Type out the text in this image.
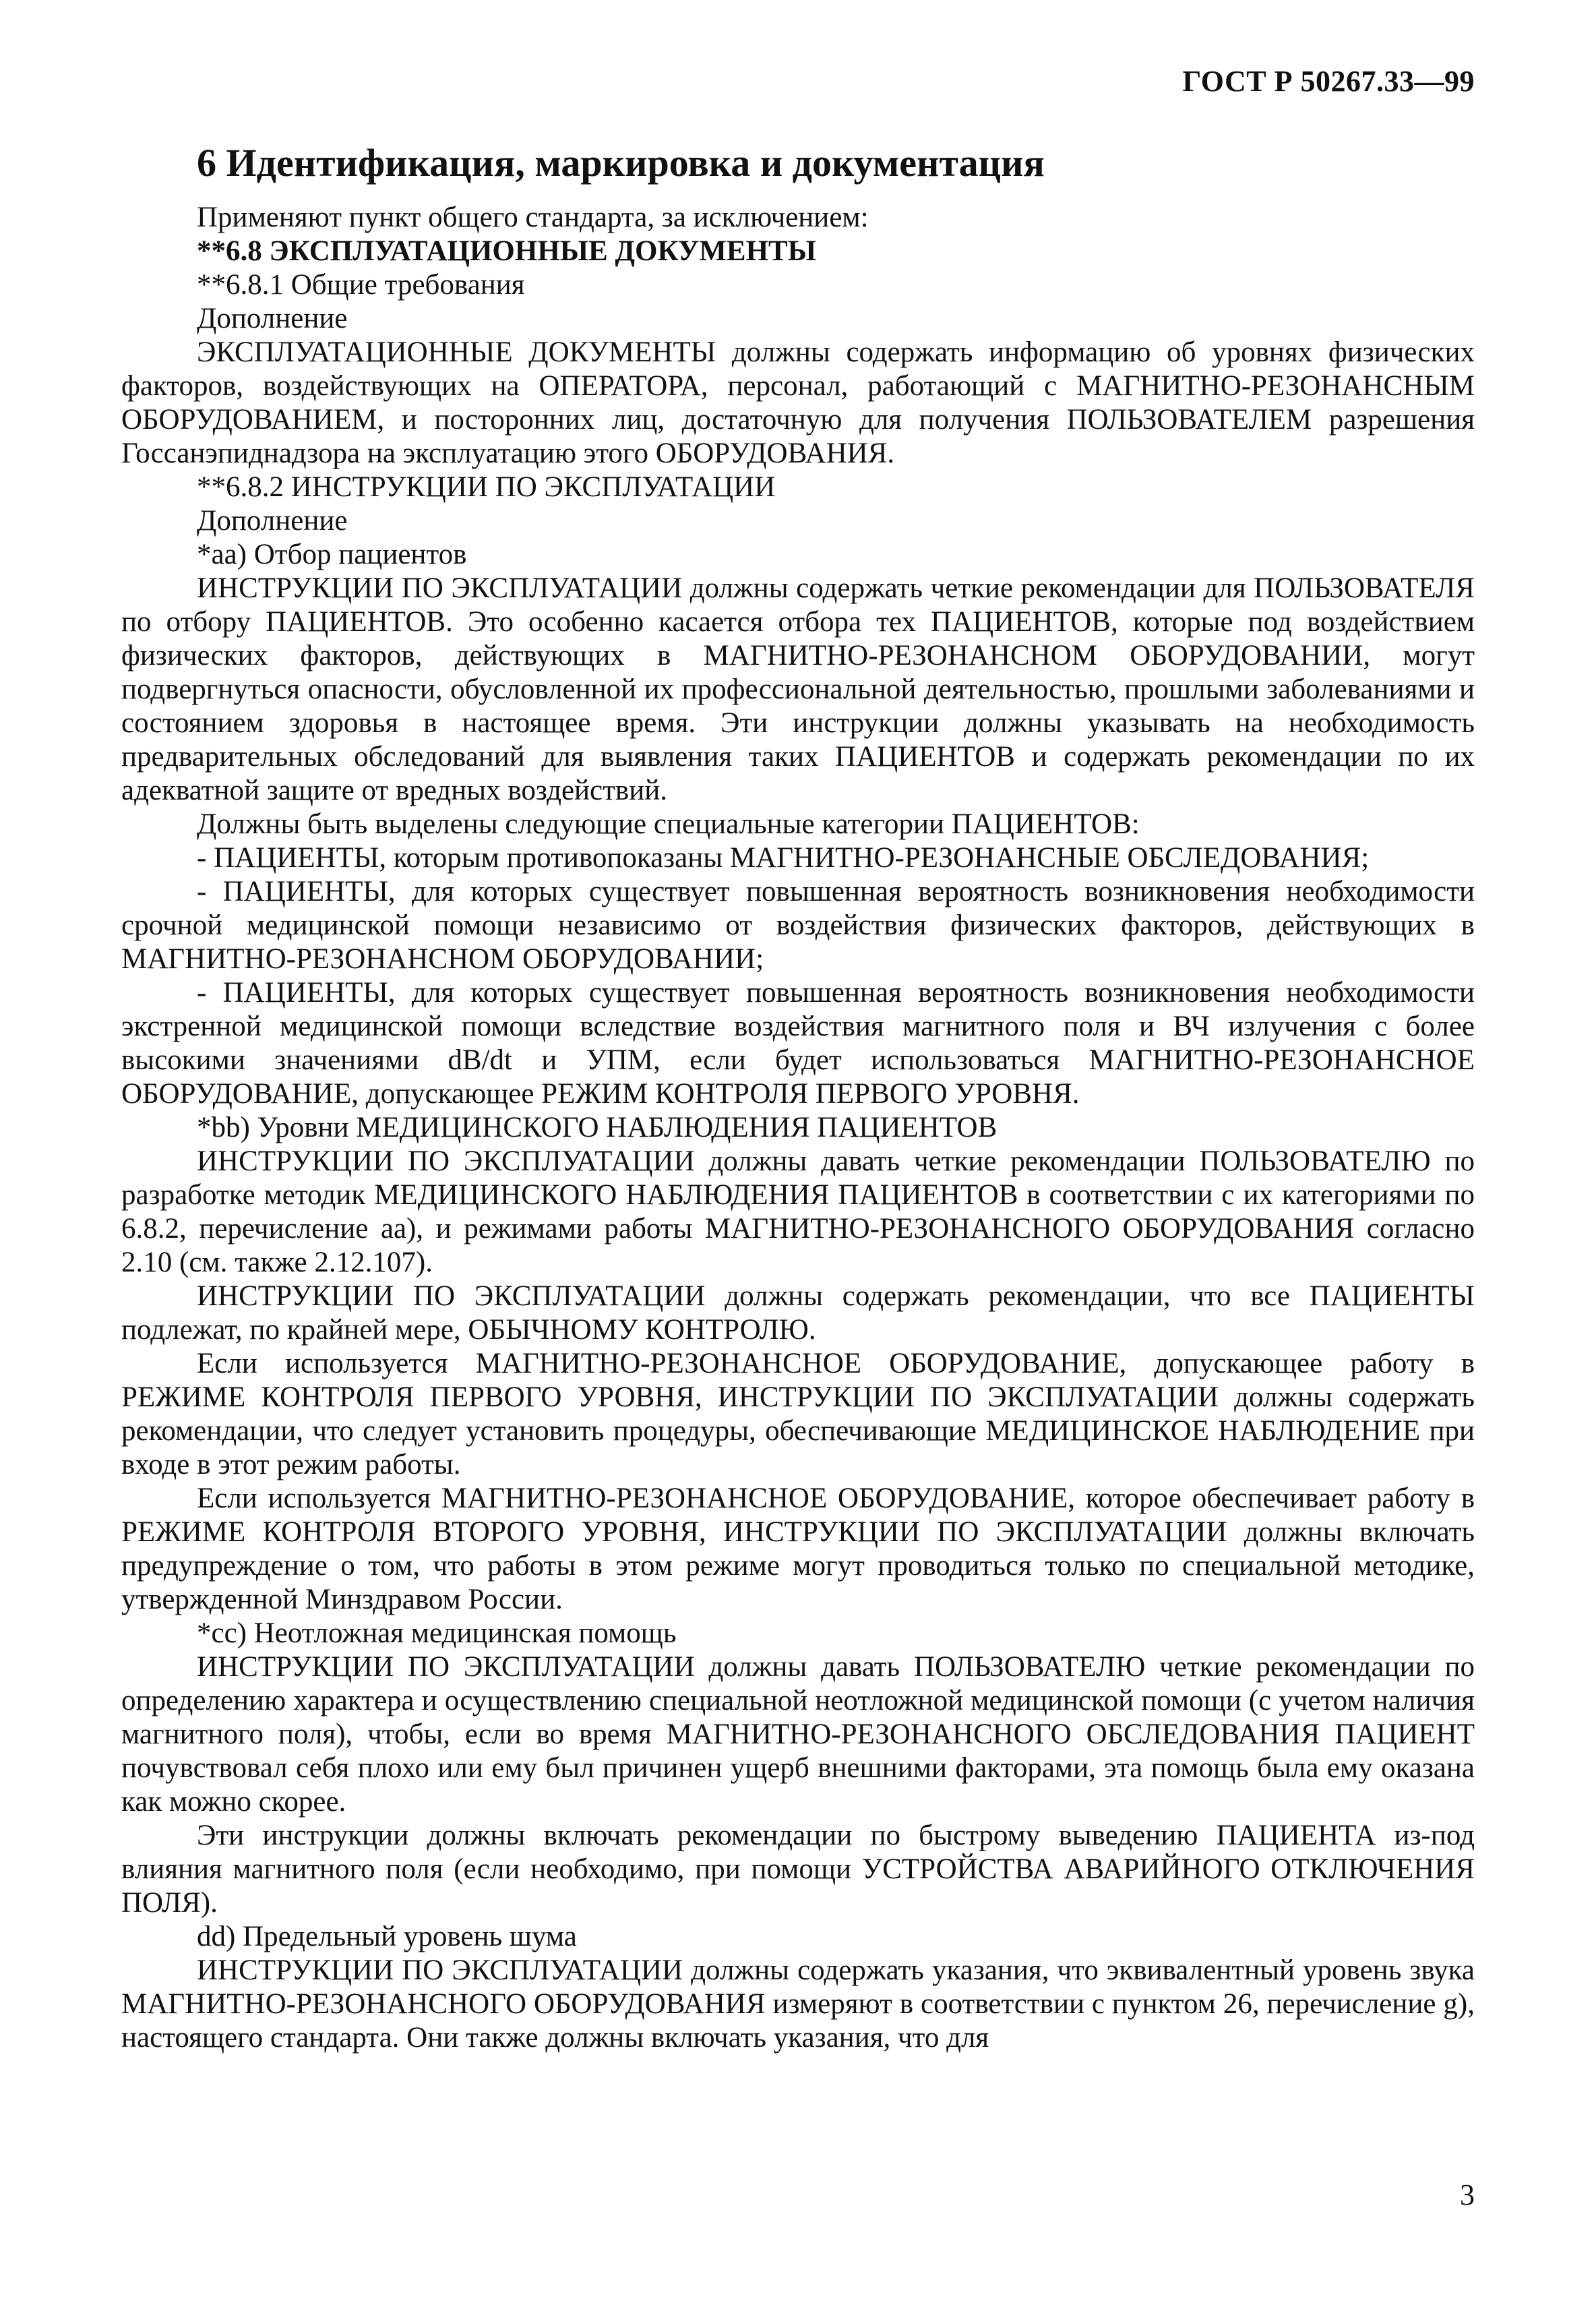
ГОСТ Р 50267.33—99
6 Идентификация, маркировка и документация
Применяют пункт общего стандарта, за исключением:
**6.8 ЭКСПЛУАТАЦИОННЫЕ ДОКУМЕНТЫ
**6.8.1 Общие требования
Дополнение
ЭКСПЛУАТАЦИОННЫЕ ДОКУМЕНТЫ должны содержать информацию об уровнях физических факторов, воздействующих на ОПЕРАТОРА, персонал, работающий с МАГНИТНО-РЕЗОНАНСНЫМ ОБОРУДОВАНИЕМ, и посторонних лиц, достаточную для получения ПОЛЬЗОВАТЕЛЕМ разрешения Госсанэпиднадзора на эксплуатацию этого ОБОРУДОВАНИЯ.
**6.8.2 ИНСТРУКЦИИ ПО ЭКСПЛУАТАЦИИ
Дополнение
*aa) Отбор пациентов
ИНСТРУКЦИИ ПО ЭКСПЛУАТАЦИИ должны содержать четкие рекомендации для ПОЛЬЗОВАТЕЛЯ по отбору ПАЦИЕНТОВ. Это особенно касается отбора тех ПАЦИЕНТОВ, которые под воздействием физических факторов, действующих в МАГНИТНО-РЕЗОНАНСНОМ ОБОРУДОВАНИИ, могут подвергнуться опасности, обусловленной их профессиональной деятельностью, прошлыми заболеваниями и состоянием здоровья в настоящее время. Эти инструкции должны указывать на необходимость предварительных обследований для выявления таких ПАЦИЕНТОВ и содержать рекомендации по их адекватной защите от вредных воздействий.
Должны быть выделены следующие специальные категории ПАЦИЕНТОВ:
- ПАЦИЕНТЫ, которым противопоказаны МАГНИТНО-РЕЗОНАНСНЫЕ ОБСЛЕДОВАНИЯ;
- ПАЦИЕНТЫ, для которых существует повышенная вероятность возникновения необходимости срочной медицинской помощи независимо от воздействия физических факторов, действующих в МАГНИТНО-РЕЗОНАНСНОМ ОБОРУДОВАНИИ;
- ПАЦИЕНТЫ, для которых существует повышенная вероятность возникновения необходимости экстренной медицинской помощи вследствие воздействия магнитного поля и ВЧ излучения с более высокими значениями dB/dt и УПМ, если будет использоваться МАГНИТНО-РЕЗОНАНСНОЕ ОБОРУДОВАНИЕ, допускающее РЕЖИМ КОНТРОЛЯ ПЕРВОГО УРОВНЯ.
*bb) Уровни МЕДИЦИНСКОГО НАБЛЮДЕНИЯ ПАЦИЕНТОВ
ИНСТРУКЦИИ ПО ЭКСПЛУАТАЦИИ должны давать четкие рекомендации ПОЛЬЗОВАТЕЛЮ по разработке методик МЕДИЦИНСКОГО НАБЛЮДЕНИЯ ПАЦИЕНТОВ в соответствии с их категориями по 6.8.2, перечисление аа), и режимами работы МАГНИТНО-РЕЗОНАНСНОГО ОБОРУДОВАНИЯ согласно 2.10 (см. также 2.12.107).
ИНСТРУКЦИИ ПО ЭКСПЛУАТАЦИИ должны содержать рекомендации, что все ПАЦИЕНТЫ подлежат, по крайней мере, ОБЫЧНОМУ КОНТРОЛЮ.
Если используется МАГНИТНО-РЕЗОНАНСНОЕ ОБОРУДОВАНИЕ, допускающее работу в РЕЖИМЕ КОНТРОЛЯ ПЕРВОГО УРОВНЯ, ИНСТРУКЦИИ ПО ЭКСПЛУАТАЦИИ должны содержать рекомендации, что следует установить процедуры, обеспечивающие МЕДИЦИНСКОЕ НАБЛЮДЕНИЕ при входе в этот режим работы.
Если используется МАГНИТНО-РЕЗОНАНСНОЕ ОБОРУДОВАНИЕ, которое обеспечивает работу в РЕЖИМЕ КОНТРОЛЯ ВТОРОГО УРОВНЯ, ИНСТРУКЦИИ ПО ЭКСПЛУАТАЦИИ должны включать предупреждение о том, что работы в этом режиме могут проводиться только по специальной методике, утвержденной Минздравом России.
*cc) Неотложная медицинская помощь
ИНСТРУКЦИИ ПО ЭКСПЛУАТАЦИИ должны давать ПОЛЬЗОВАТЕЛЮ четкие рекомендации по определению характера и осуществлению специальной неотложной медицинской помощи (с учетом наличия магнитного поля), чтобы, если во время МАГНИТНО-РЕЗОНАНСНОГО ОБСЛЕДОВАНИЯ ПАЦИЕНТ почувствовал себя плохо или ему был причинен ущерб внешними факторами, эта помощь была ему оказана как можно скорее.
Эти инструкции должны включать рекомендации по быстрому выведению ПАЦИЕНТА из-под влияния магнитного поля (если необходимо, при помощи УСТРОЙСТВА АВАРИЙНОГО ОТКЛЮЧЕНИЯ ПОЛЯ).
dd) Предельный уровень шума
ИНСТРУКЦИИ ПО ЭКСПЛУАТАЦИИ должны содержать указания, что эквивалентный уровень звука МАГНИТНО-РЕЗОНАНСНОГО ОБОРУДОВАНИЯ измеряют в соответствии с пунктом 26, перечисление g), настоящего стандарта. Они также должны включать указания, что для
3
